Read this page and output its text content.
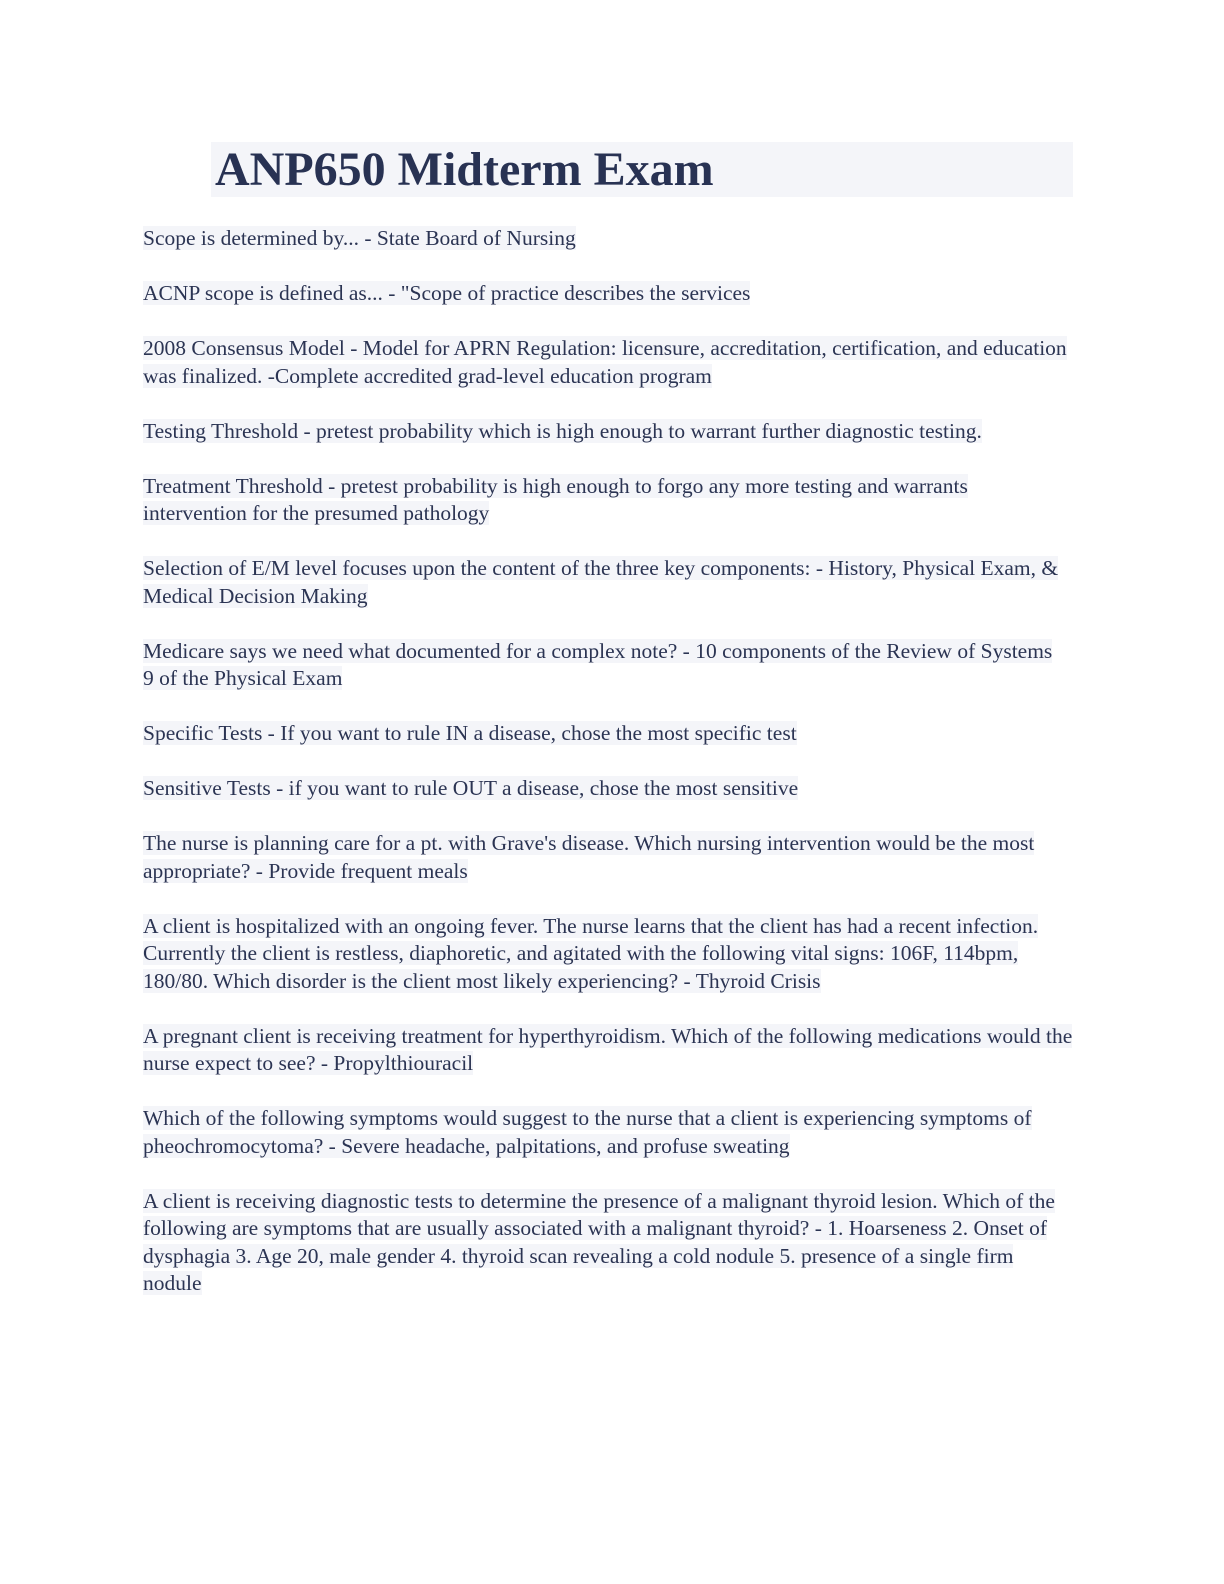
ANP650 Midterm Exam

Scope is determined by... - State Board of Nursing

ACNP scope is defined as... - "Scope of practice describes the services

2008 Consensus Model - Model for APRN Regulation: licensure, accreditation, certification, and education was finalized. -Complete accredited grad-level education program

Testing Threshold - pretest probability which is high enough to warrant further diagnostic testing.

Treatment Threshold - pretest probability is high enough to forgo any more testing and warrants intervention for the presumed pathology

Selection of E/M level focuses upon the content of the three key components: - History, Physical Exam, & Medical Decision Making

Medicare says we need what documented for a complex note? - 10 components of the Review of Systems
9 of the Physical Exam

Specific Tests - If you want to rule IN a disease, chose the most specific test

Sensitive Tests - if you want to rule OUT a disease, chose the most sensitive

The nurse is planning care for a pt. with Grave's disease. Which nursing intervention would be the most appropriate? - Provide frequent meals

A client is hospitalized with an ongoing fever. The nurse learns that the client has had a recent infection. Currently the client is restless, diaphoretic, and agitated with the following vital signs: 106F, 114bpm, 180/80. Which disorder is the client most likely experiencing? - Thyroid Crisis

A pregnant client is receiving treatment for hyperthyroidism. Which of the following medications would the nurse expect to see? - Propylthiouracil

Which of the following symptoms would suggest to the nurse that a client is experiencing symptoms of pheochromocytoma? - Severe headache, palpitations, and profuse sweating

A client is receiving diagnostic tests to determine the presence of a malignant thyroid lesion. Which of the following are symptoms that are usually associated with a malignant thyroid? - 1. Hoarseness 2. Onset of dysphagia 3. Age 20, male gender 4. thyroid scan revealing a cold nodule 5. presence of a single firm nodule
